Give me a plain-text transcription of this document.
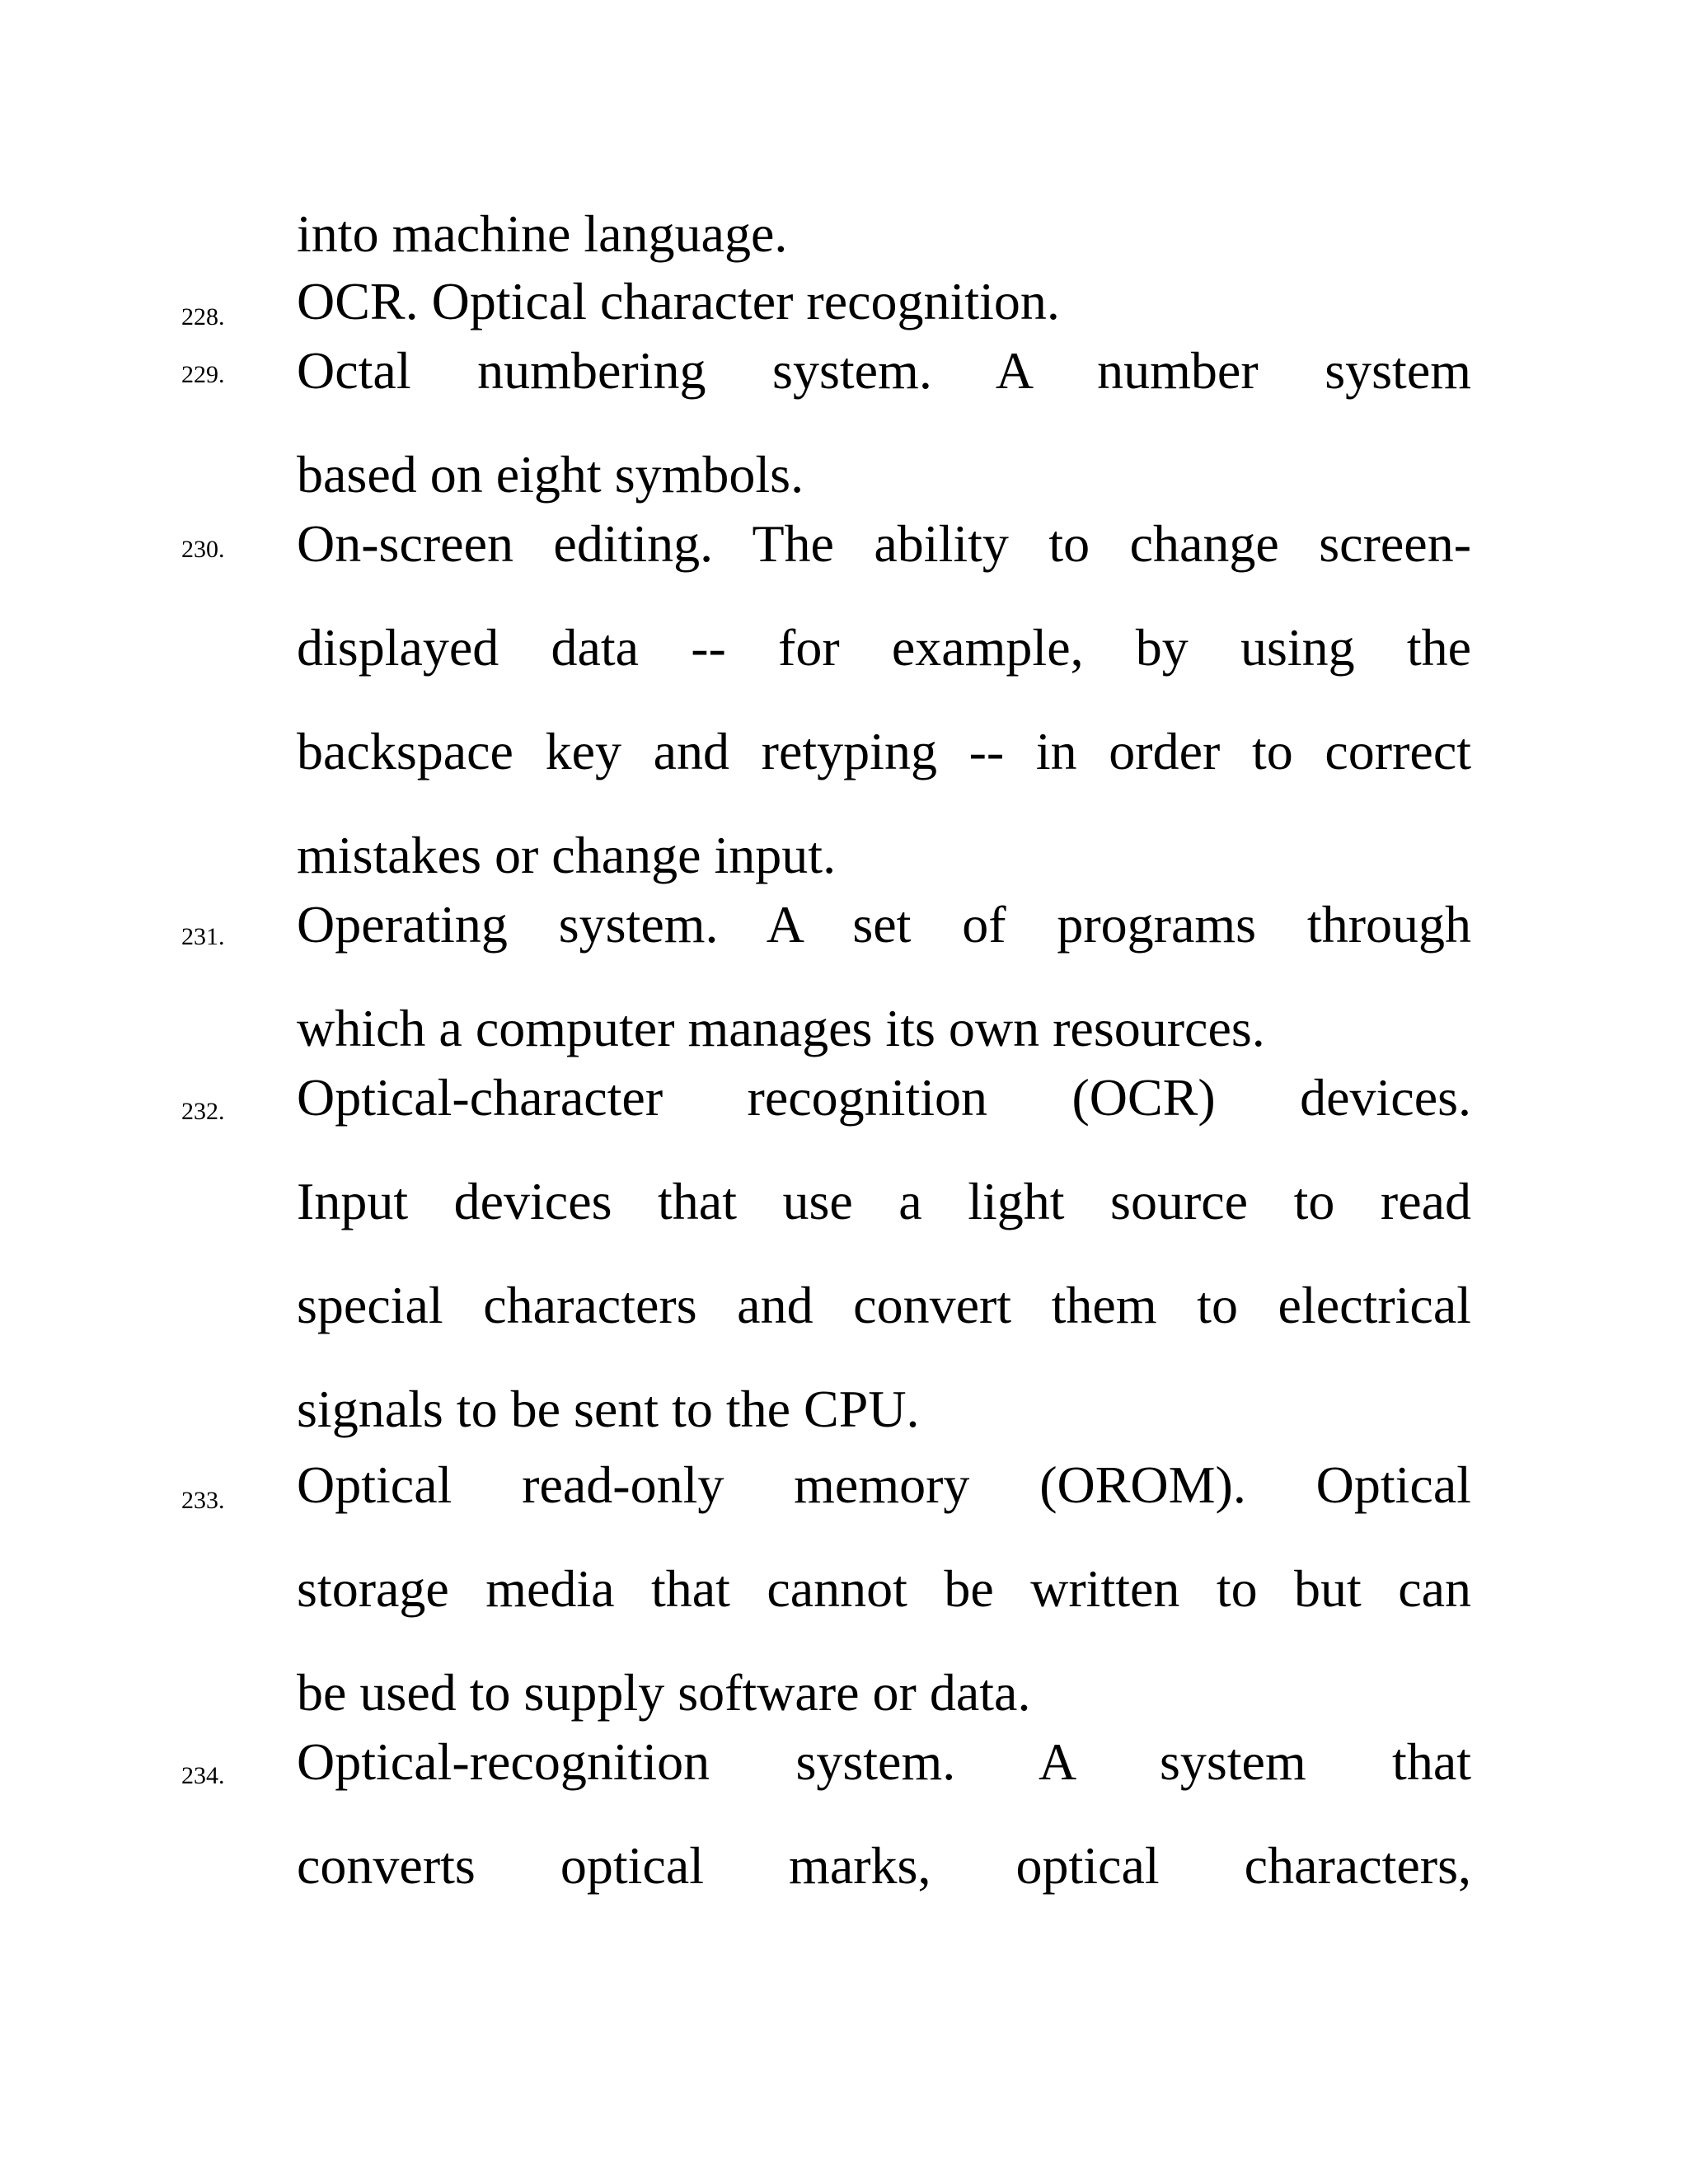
into machine language.
228. OCR. Optical character recognition.
229. Octal numbering system. A number system
based on eight symbols.
230. On-screen editing. The ability to change screen-
displayed data -- for example, by using the
backspace key and retyping -- in order to correct
mistakes or change input.
231. Operating system. A set of programs through
which a computer manages its own resources.
232. Optical-character recognition (OCR) devices.
Input devices that use a light source to read
special characters and convert them to electrical
signals to be sent to the CPU.
233. Optical read-only memory (OROM). Optical
storage media that cannot be written to but can
be used to supply software or data.
234. Optical-recognition system. A system that
converts optical marks, optical characters,
